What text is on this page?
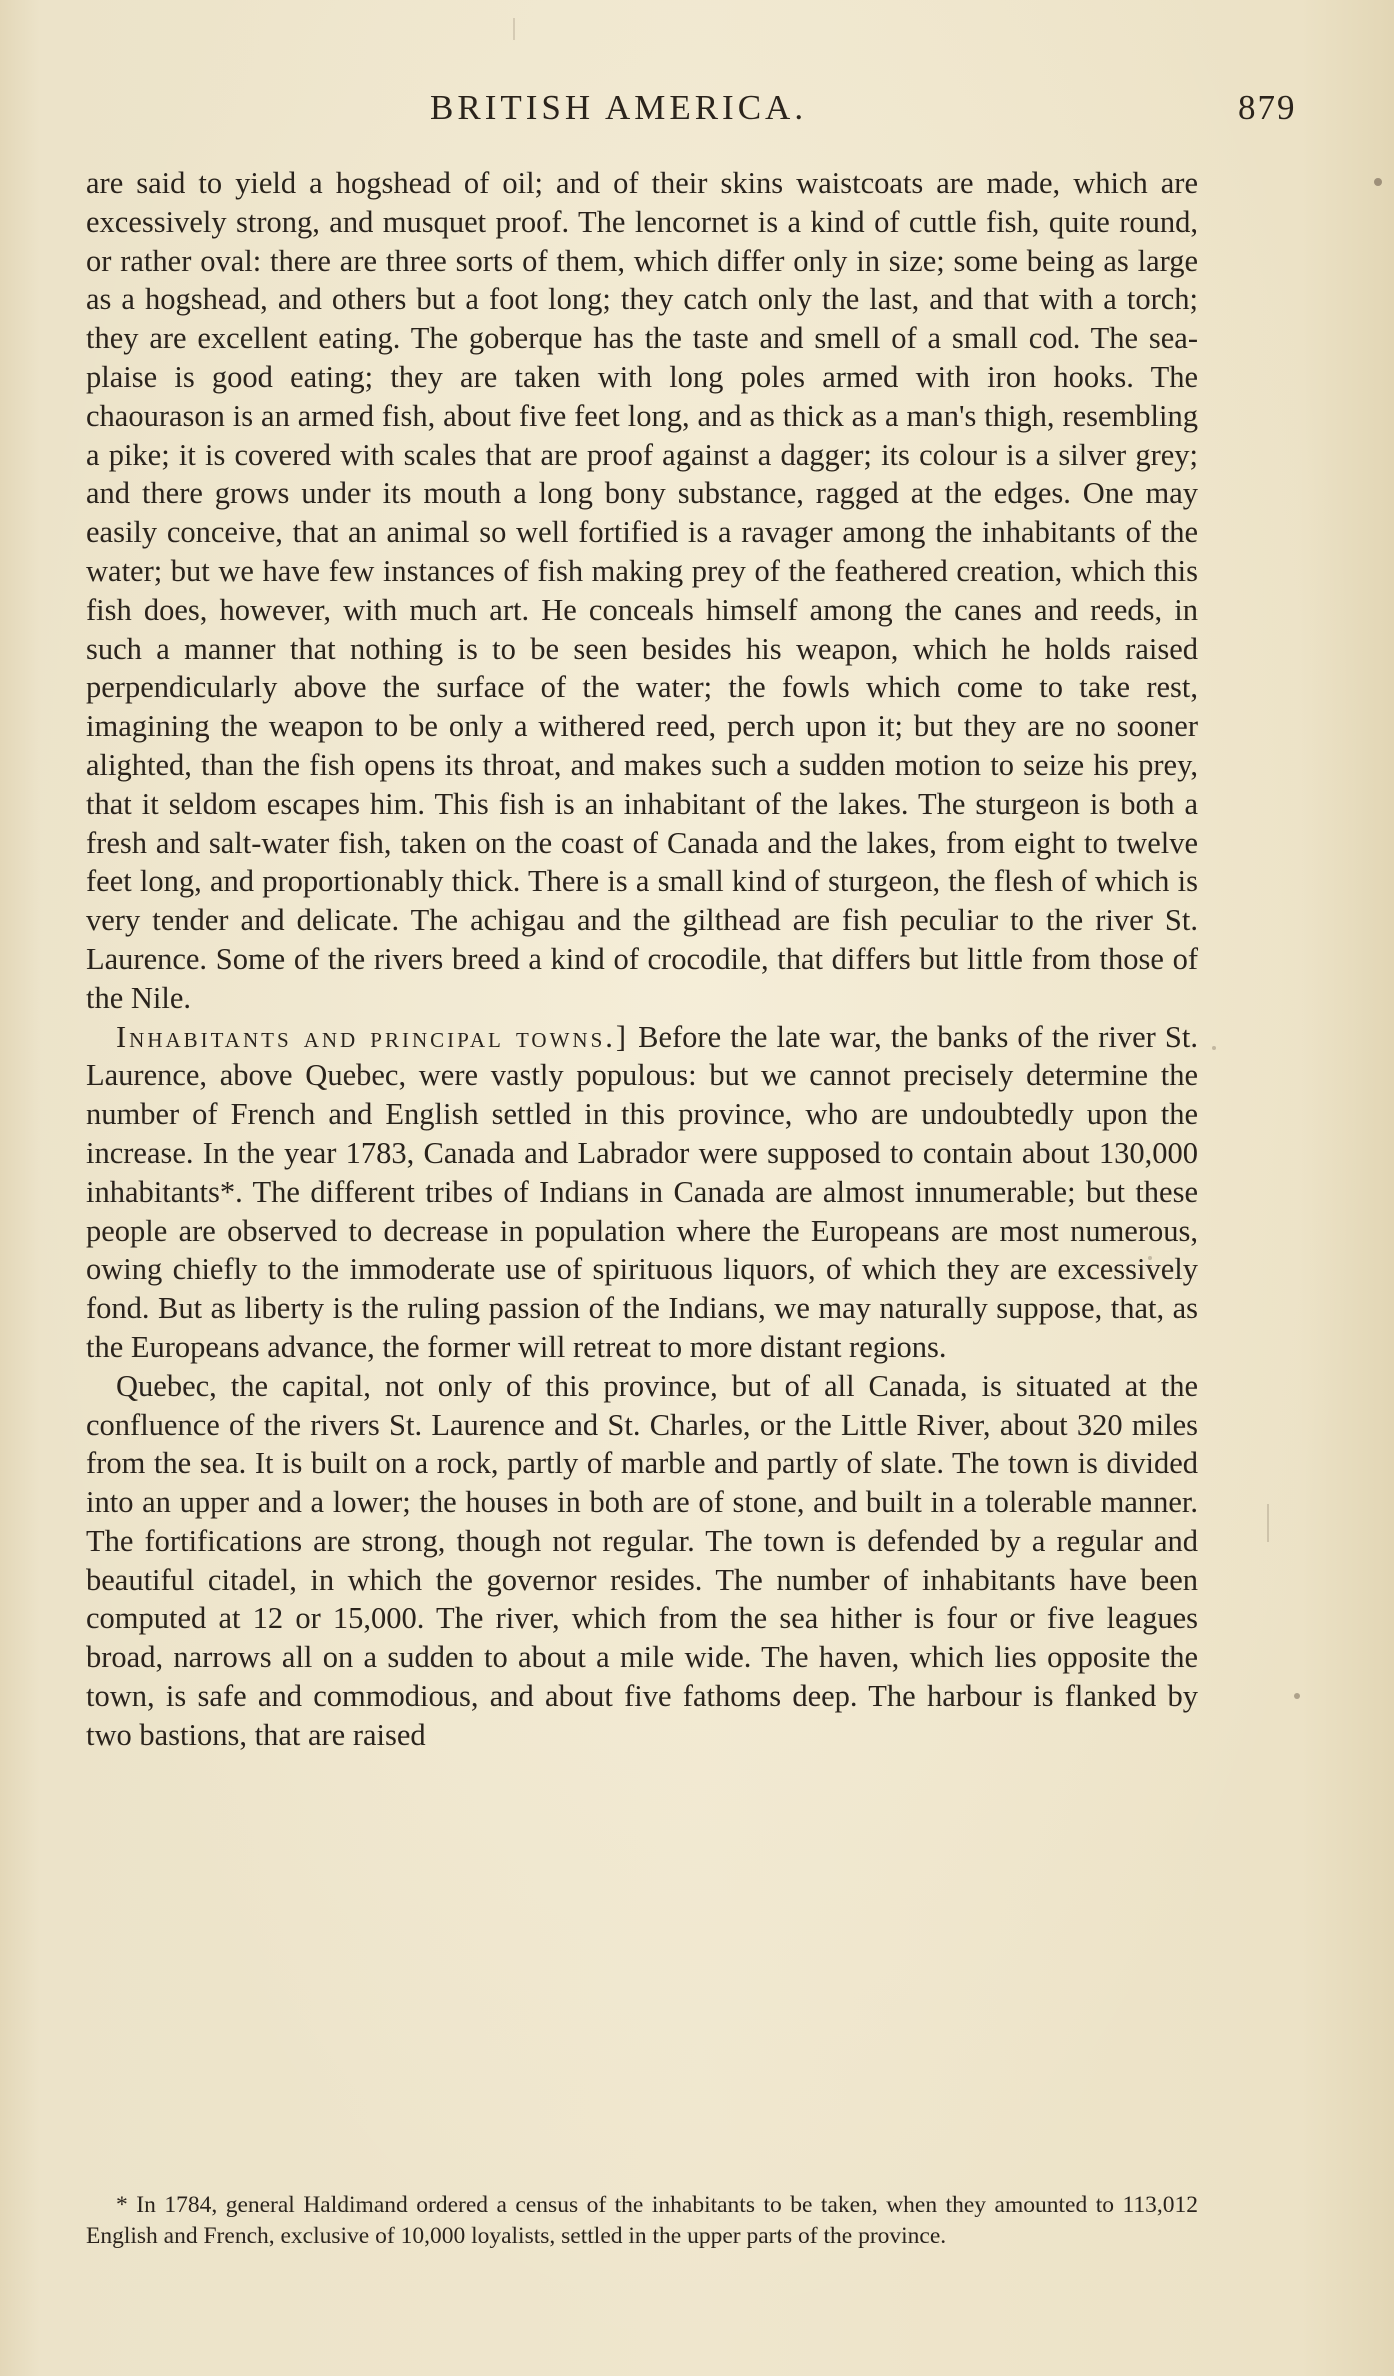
BRITISH AMERICA.	879

are said to yield a hogshead of oil; and of their skins waistcoats are made, which are excessively strong, and musquet proof. The lencornet is a kind of cuttle fish, quite round, or rather oval: there are three sorts of them, which differ only in size; some being as large as a hogshead, and others but a foot long; they catch only the last, and that with a torch; they are excellent eating. The goberque has the taste and smell of a small cod. The sea-plaise is good eating; they are taken with long poles armed with iron hooks. The chaourason is an armed fish, about five feet long, and as thick as a man's thigh, resembling a pike; it is covered with scales that are proof against a dagger; its colour is a silver grey; and there grows under its mouth a long bony substance, ragged at the edges. One may easily conceive, that an animal so well fortified is a ravager among the inhabitants of the water; but we have few instances of fish making prey of the feathered creation, which this fish does, however, with much art. He conceals himself among the canes and reeds, in such a manner that nothing is to be seen besides his weapon, which he holds raised perpendicularly above the surface of the water; the fowls which come to take rest, imagining the weapon to be only a withered reed, perch upon it; but they are no sooner alighted, than the fish opens its throat, and makes such a sudden motion to seize his prey, that it seldom escapes him. This fish is an inhabitant of the lakes. The sturgeon is both a fresh and salt-water fish, taken on the coast of Canada and the lakes, from eight to twelve feet long, and proportionably thick. There is a small kind of sturgeon, the flesh of which is very tender and delicate. The achigau and the gilthead are fish peculiar to the river St. Laurence. Some of the rivers breed a kind of crocodile, that differs but little from those of the Nile.

Inhabitants and principal towns.] Before the late war, the banks of the river St. Laurence, above Quebec, were vastly populous: but we cannot precisely determine the number of French and English settled in this province, who are undoubtedly upon the increase. In the year 1783, Canada and Labrador were supposed to contain about 130,000 inhabitants*. The different tribes of Indians in Canada are almost innumerable; but these people are observed to decrease in population where the Europeans are most numerous, owing chiefly to the immoderate use of spirituous liquors, of which they are excessively fond. But as liberty is the ruling passion of the Indians, we may naturally suppose, that, as the Europeans advance, the former will retreat to more distant regions.

Quebec, the capital, not only of this province, but of all Canada, is situated at the confluence of the rivers St. Laurence and St. Charles, or the Little River, about 320 miles from the sea. It is built on a rock, partly of marble and partly of slate. The town is divided into an upper and a lower; the houses in both are of stone, and built in a tolerable manner. The fortifications are strong, though not regular. The town is defended by a regular and beautiful citadel, in which the governor resides. The number of inhabitants have been computed at 12 or 15,000. The river, which from the sea hither is four or five leagues broad, narrows all on a sudden to about a mile wide. The haven, which lies opposite the town, is safe and commodious, and about five fathoms deep. The harbour is flanked by two bastions, that are raised

* In 1784, general Haldimand ordered a census of the inhabitants to be taken, when they amounted to 113,012 English and French, exclusive of 10,000 loyalists, settled in the upper parts of the province.
